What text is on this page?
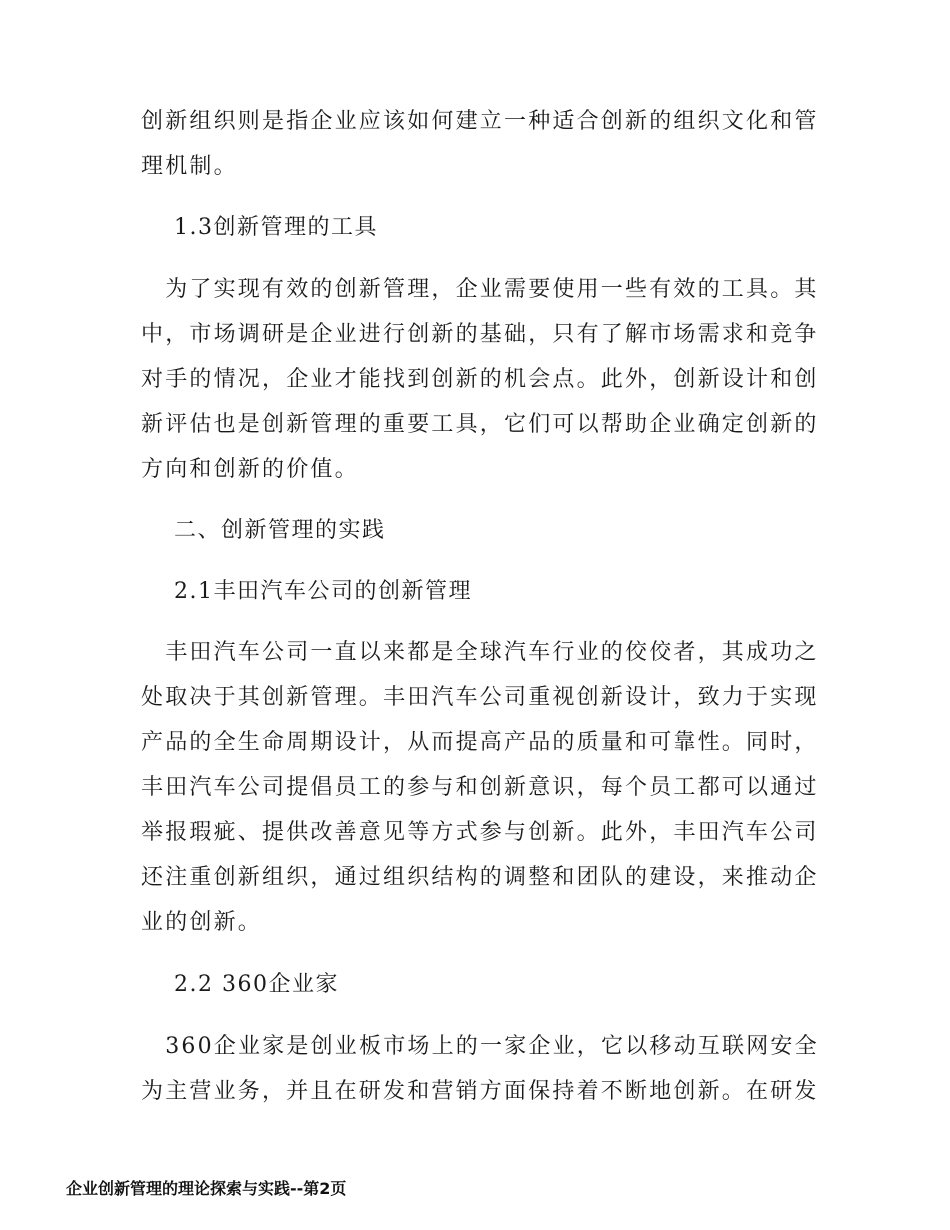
创新组织则是指企业应该如何建立一种适合创新的组织文化和管
理机制。
1.3创新管理的工具
　为了实现有效的创新管理，企业需要使用一些有效的工具。其
中，市场调研是企业进行创新的基础，只有了解市场需求和竞争
对手的情况，企业才能找到创新的机会点。此外，创新设计和创
新评估也是创新管理的重要工具，它们可以帮助企业确定创新的
方向和创新的价值。
二、创新管理的实践
2.1丰田汽车公司的创新管理
　丰田汽车公司一直以来都是全球汽车行业的佼佼者，其成功之
处取决于其创新管理。丰田汽车公司重视创新设计，致力于实现
产品的全生命周期设计，从而提高产品的质量和可靠性。同时，
丰田汽车公司提倡员工的参与和创新意识，每个员工都可以通过
举报瑕疵、提供改善意见等方式参与创新。此外，丰田汽车公司
还注重创新组织，通过组织结构的调整和团队的建设，来推动企
业的创新。
2.2 360企业家
　360企业家是创业板市场上的一家企业，它以移动互联网安全
为主营业务，并且在研发和营销方面保持着不断地创新。在研发
企业创新管理的理论探索与实践--第2页
